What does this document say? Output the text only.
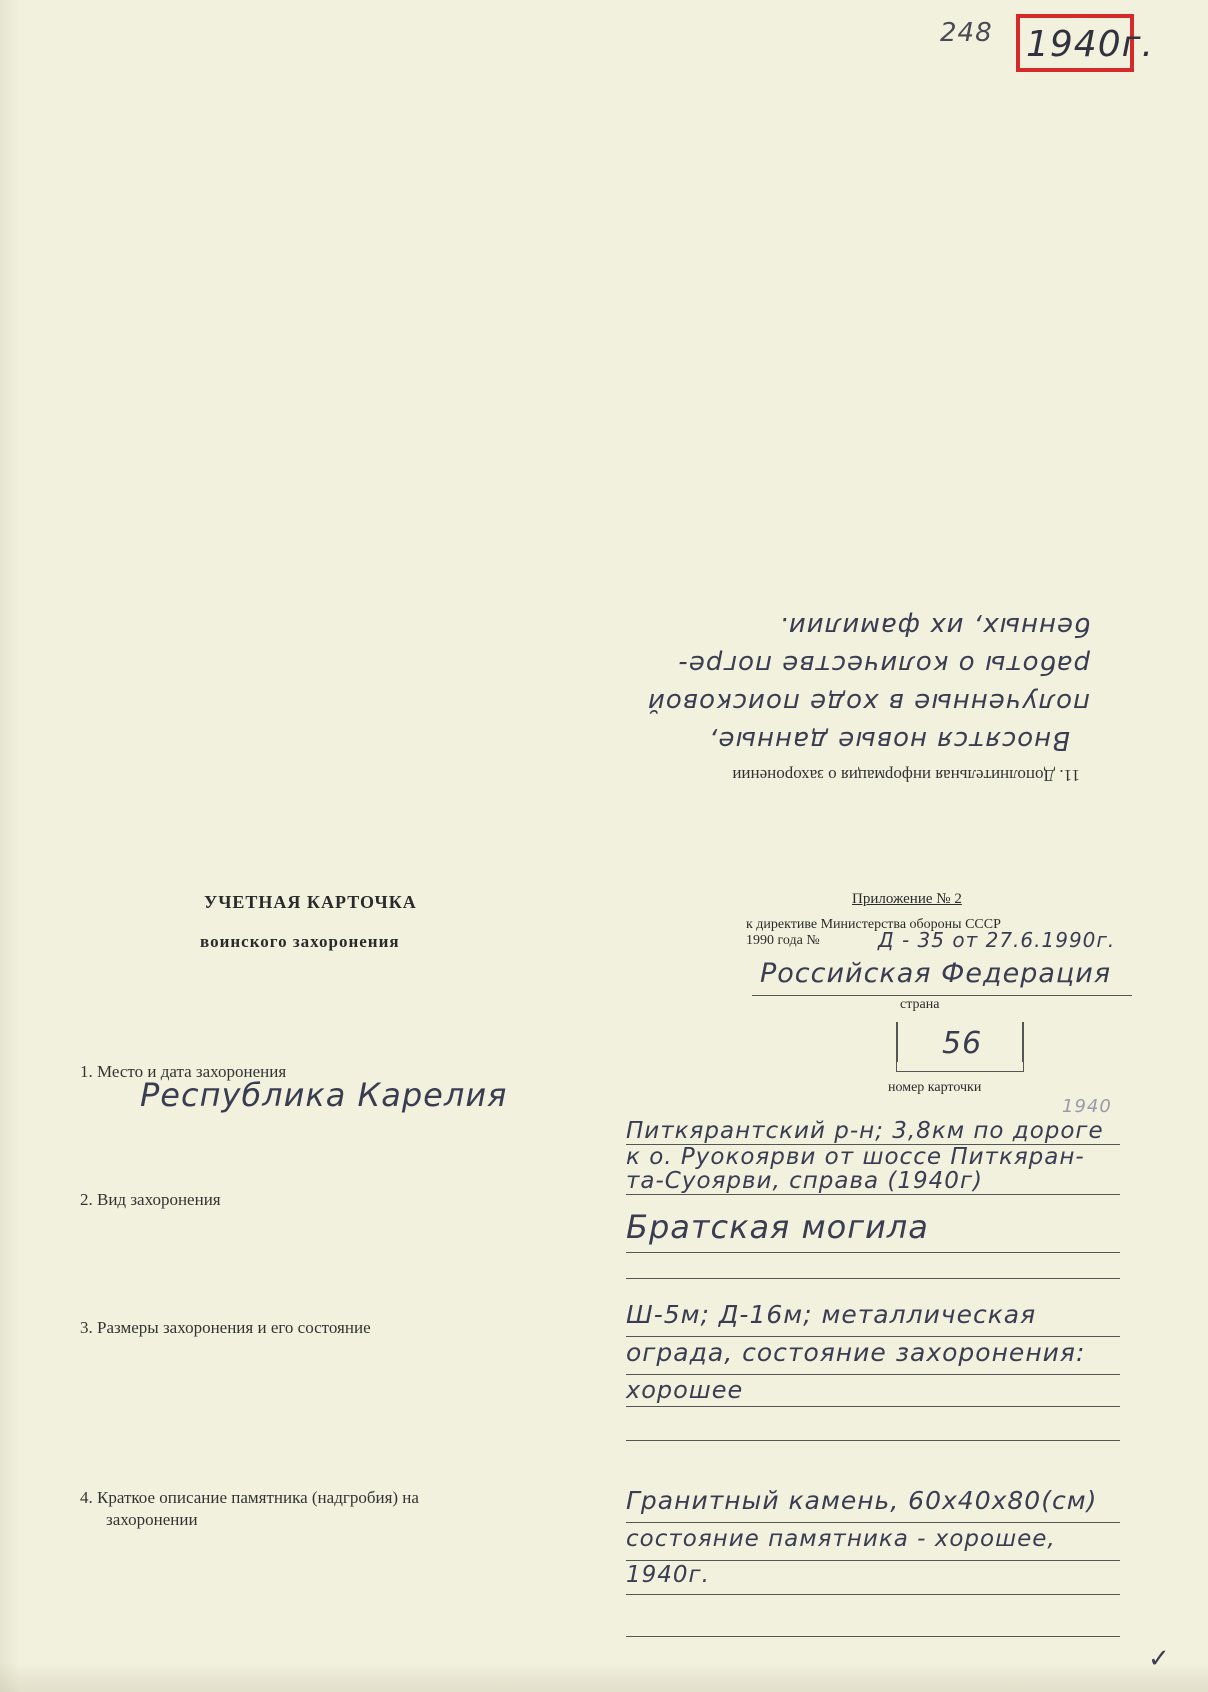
248 1940г.
11. Дополнительная информация о захоронении
Вносятся новые данные,
полученные в ходе поисковой
работы о количестве погре-
бенных, их фамилии.
УЧЕТНАЯ КАРТОЧКА
воинского захоронения
Приложение № 2
к директиве Министерства обороны СССР
1990 года №	Д - 35 от 27.6.1990г.
Российская Федерация
страна
56
номер карточки
1. Место и дата захоронения
Республика Карелия	1940
Питкярантский р-н; 3,8км по дороге
к о. Руокоярви от шоссе Питкяран-
та-Суоярви, справа (1940г)
2. Вид захоронения
Братская могила
3. Размеры захоронения и его состояние	Ш-5м; Д-16м; металлическая
ограда, состояние захоронения:
хорошее
4. Краткое описание памятника (надгробия) на
захоронении
Гранитный камень, 60х40х80(см)
состояние памятника - хорошее,
1940г.
✓
